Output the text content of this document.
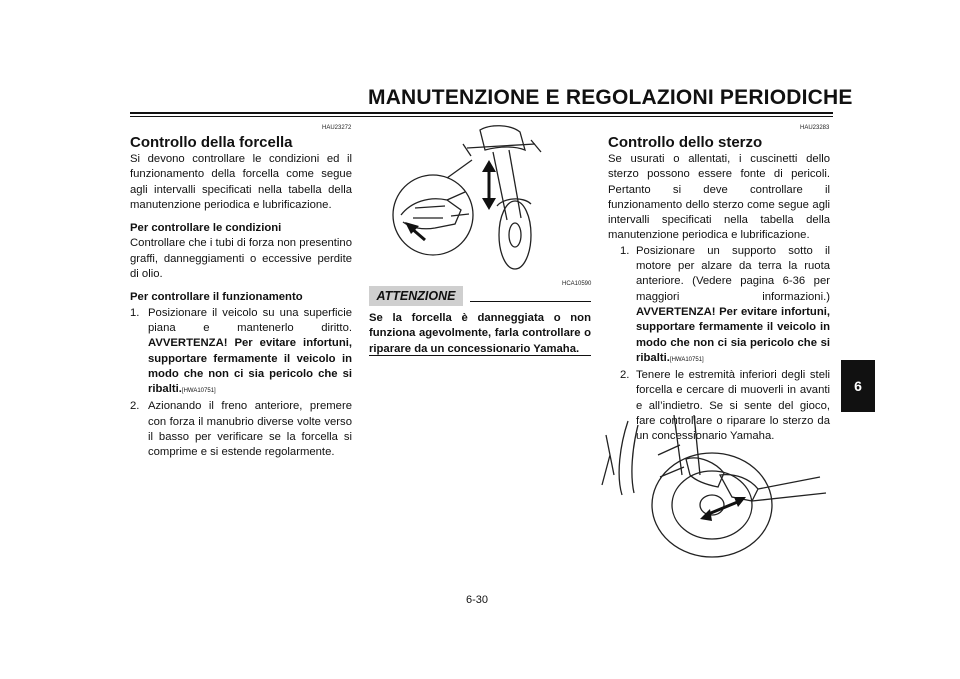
MANUTENZIONE E REGOLAZIONI PERIODICHE
6
HAU23272
Controllo della forcella

Si devono controllare le condizioni ed il funzionamento della forcella come segue agli intervalli specificati nella tabella della manutenzione periodica e lubrificazione.

Per controllare le condizioni

Controllare che i tubi di forza non presentino graffi, danneggiamenti o eccessive perdite di olio.

Per controllare il funzionamento

1. Posizionare il veicolo su una superficie piana e mantenerlo diritto. AVVERTENZA! Per evitare infortuni, supportare fermamente il veicolo in modo che non ci sia pericolo che si ribalti.[HWA10751]
2. Azionando il freno anteriore, premere con forza il manubrio diverse volte verso il basso per verificare se la forcella si comprime e si estende regolarmente.
HCA10590
ATTENZIONE
Se la forcella è danneggiata o non funziona agevolmente, farla controllare o riparare da un concessionario Yamaha.
HAU23283
Controllo dello sterzo

Se usurati o allentati, i cuscinetti dello sterzo possono essere fonte di pericoli. Pertanto si deve controllare il funzionamento dello sterzo come segue agli intervalli specificati nella tabella della manutenzione periodica e lubrificazione.

1. Posizionare un supporto sotto il motore per alzare da terra la ruota anteriore. (Vedere pagina 6-36 per maggiori informazioni.) AVVERTENZA! Per evitare infortuni, supportare fermamente il veicolo in modo che non ci sia pericolo che si ribalti.[HWA10751]
2. Tenere le estremità inferiori degli steli forcella e cercare di muoverli in avanti e all’indietro. Se si sente del gioco, fare controllare o riparare lo sterzo da un concessionario Yamaha.
6-30
